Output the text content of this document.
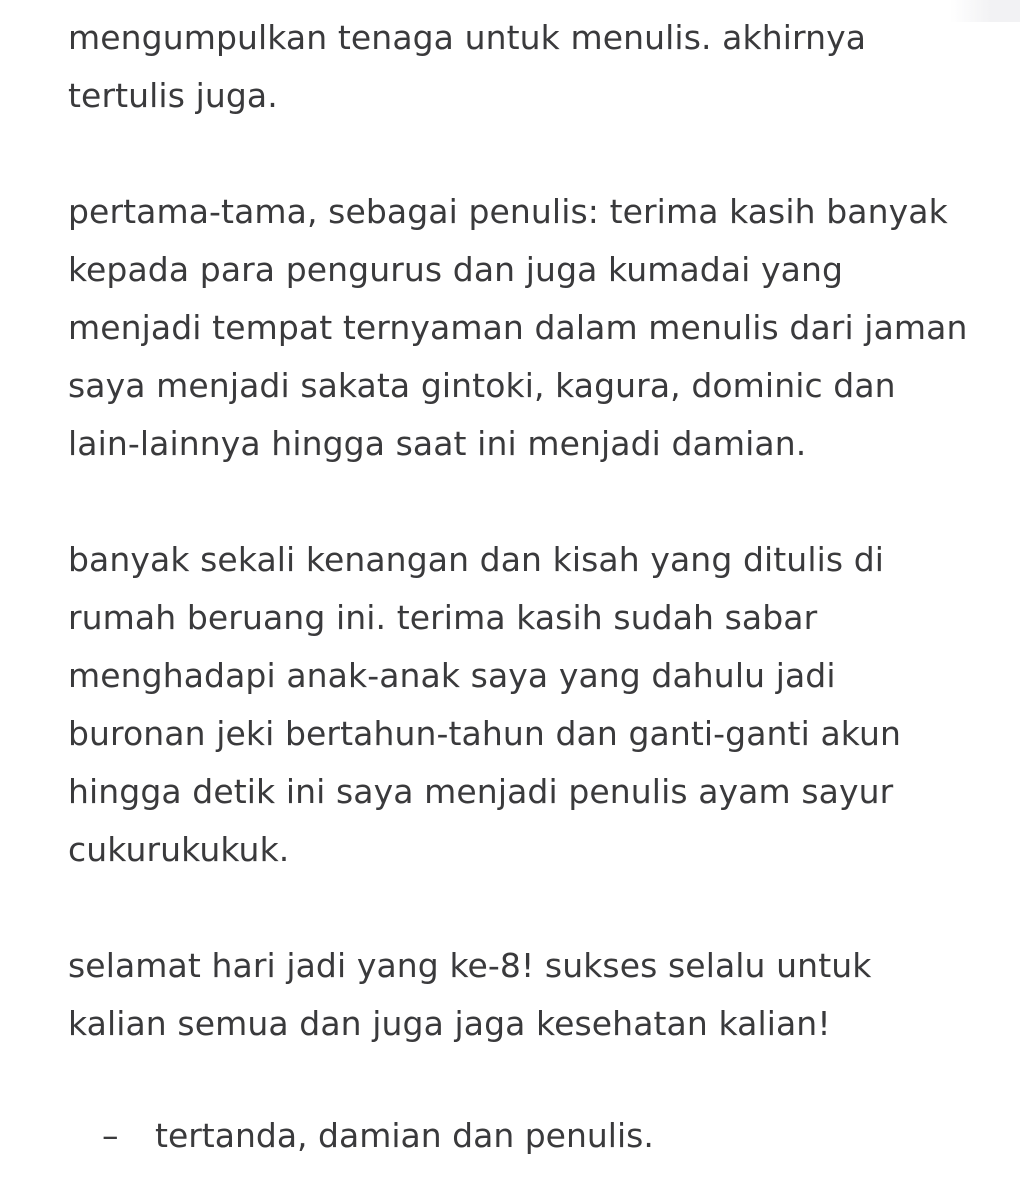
mengumpulkan tenaga untuk menulis. akhirnya
tertulis juga.
pertama-tama, sebagai penulis: terima kasih banyak
kepada para pengurus dan juga kumadai yang
menjadi tempat ternyaman dalam menulis dari jaman
saya menjadi sakata gintoki, kagura, dominic dan
lain-lainnya hingga saat ini menjadi damian.
banyak sekali kenangan dan kisah yang ditulis di
rumah beruang ini. terima kasih sudah sabar
menghadapi anak-anak saya yang dahulu jadi
buronan jeki bertahun-tahun dan ganti-ganti akun
hingga detik ini saya menjadi penulis ayam sayur
cukurukukuk.
selamat hari jadi yang ke-8! sukses selalu untuk
kalian semua dan juga jaga kesehatan kalian!
– tertanda, damian dan penulis.
